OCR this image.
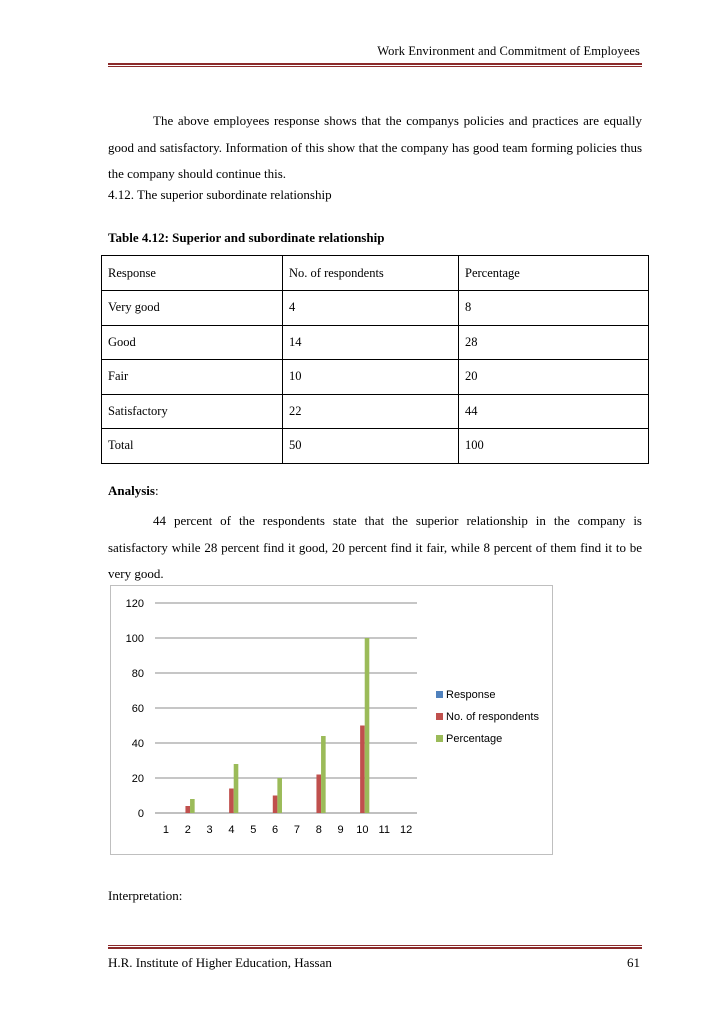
Work Environment and Commitment of Employees
The above employees response shows that the companys policies and practices are equally good and satisfactory. Information of this show that the company has good team forming policies thus the company should continue this.
4.12. The superior subordinate relationship
Table 4.12: Superior and subordinate relationship
Response	No. of respondents	Percentage
Very good	4	8
Good	14	28
Fair	10	20
Satisfactory	22	44
Total	50	100
Analysis:
44 percent of the respondents state that the superior relationship in the company is satisfactory while 28 percent find it good, 20 percent find it fair, while 8 percent of them find it to be very good.
0
20
40
60
80
100
120
1 2 3 4 5 6 7 8 9 10 11 12
Response
No. of respondents
Percentage
Interpretation:
H.R. Institute of Higher Education, Hassan	61
